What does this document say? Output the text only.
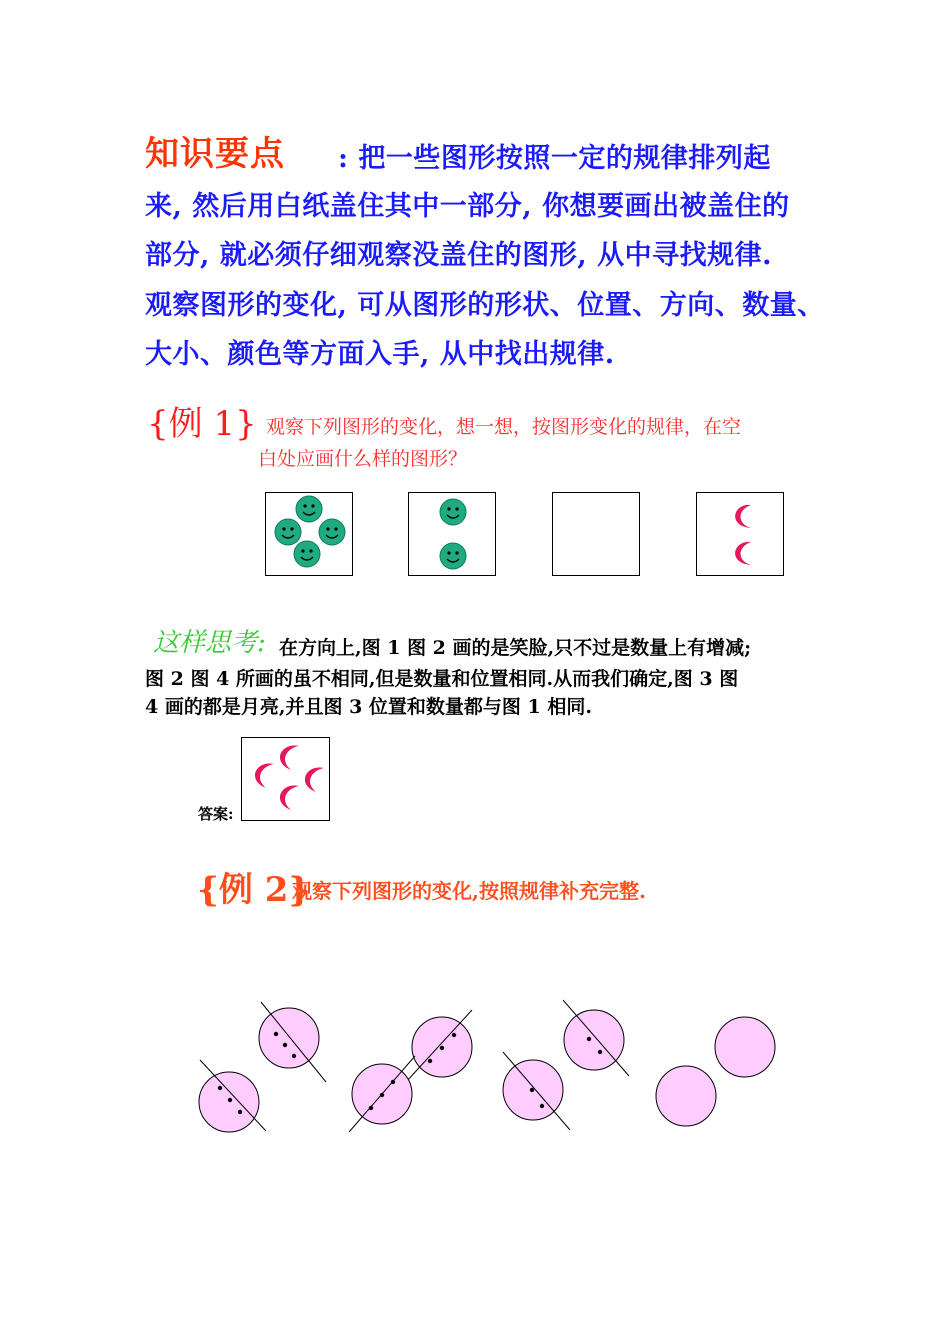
知识要点 : 把一些图形按照一定的规律排列起
来, 然后用白纸盖住其中一部分, 你想要画出被盖住的
部分, 就必须仔细观察没盖住的图形, 从中寻找规律.
观察图形的变化, 可从图形的形状、位置、方向、数量、
大小、颜色等方面入手, 从中找出规律.
{例 1} 观察下列图形的变化，想一想，按图形变化的规律，在空
白处应画什么样的图形？
这样思考: 在方向上,图 1 图 2 画的是笑脸,只不过是数量上有增减;
图 2 图 4 所画的虽不相同,但是数量和位置相同.从而我们确定,图 3 图
4 画的都是月亮,并且图 3 位置和数量都与图 1 相同.
答案:
{例 2}
观察下列图形的变化,按照规律补充完整.
